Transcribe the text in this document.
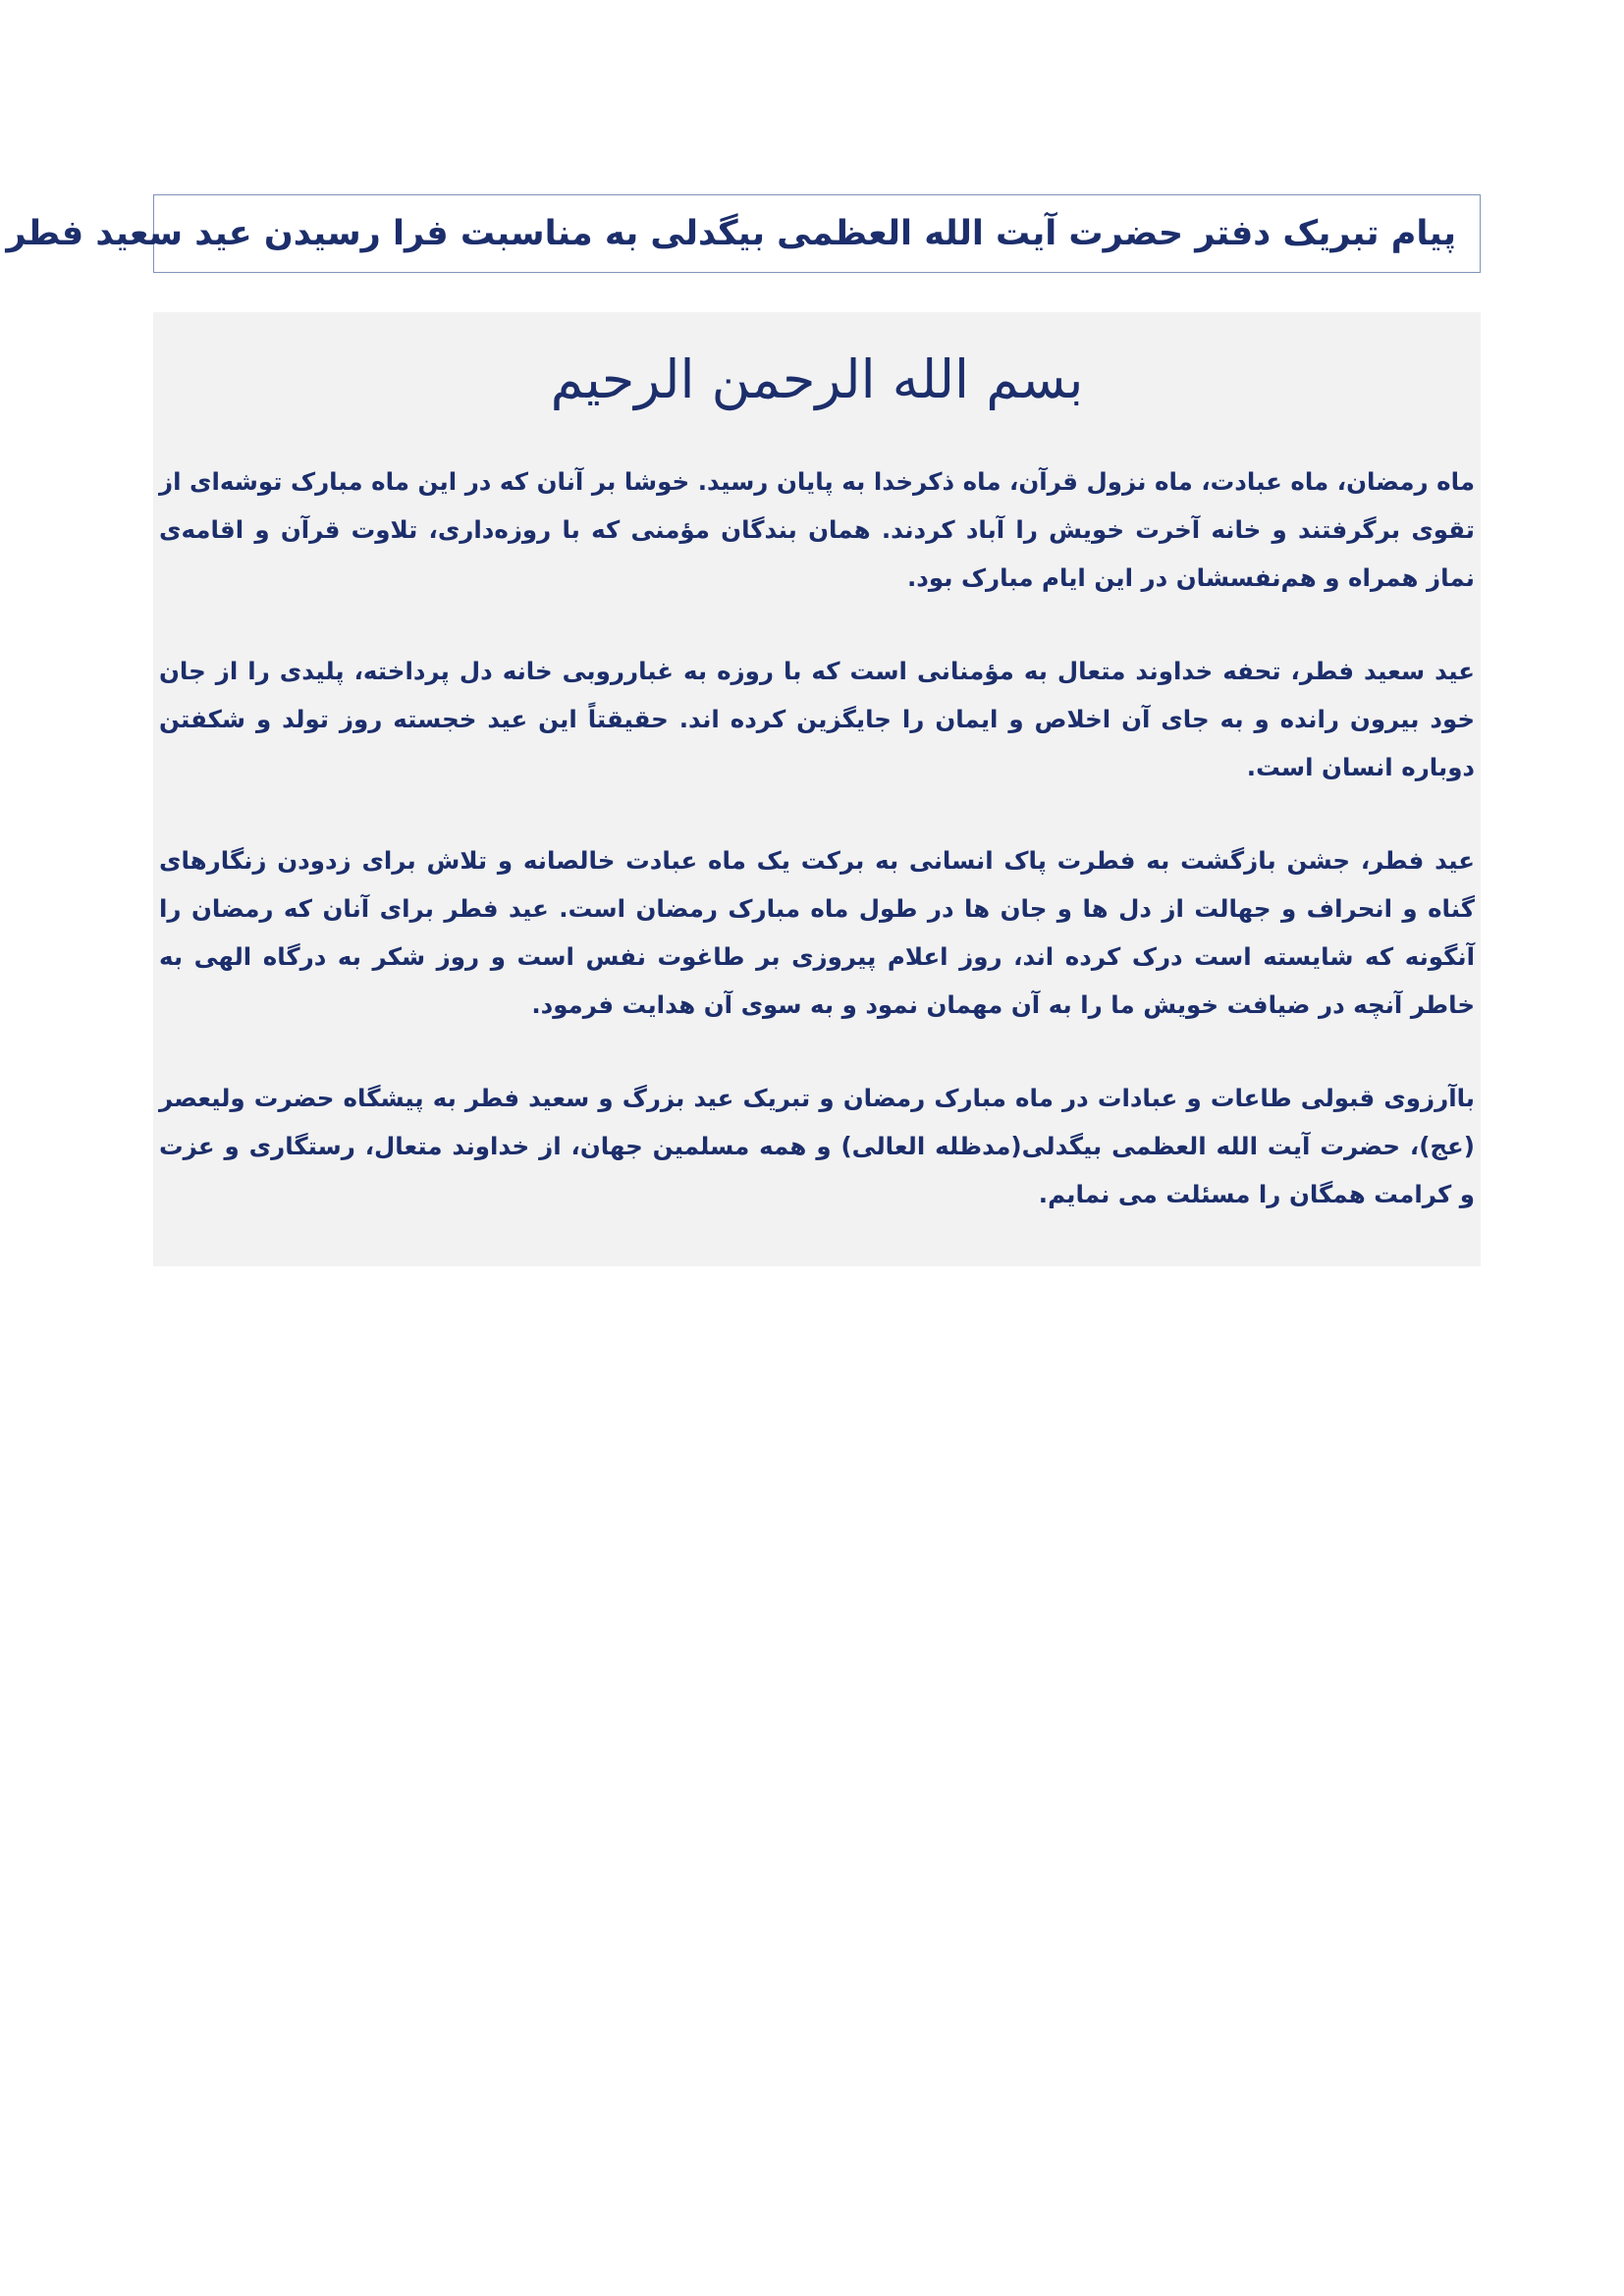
پیام تبریک دفتر حضرت آیت الله العظمی بیگدلی به مناسبت فرا رسیدن عید سعید فطر
بسم الله الرحمن الرحیم

ماه رمضان، ماه عبادت، ماه نزول قرآن، ماه ذکرخدا به پایان رسید. خوشا بر آنان که در این ماه مبارک توشه‌ای از تقوی برگرفتند و خانه آخرت خویش را آباد کردند. همان بندگان مؤمنی که با روزه‌داری، تلاوت قرآن و اقامه‌ی نماز همراه و هم‌نفسشان در این ایام مبارک بود.

عید سعید فطر، تحفه خداوند متعال به مؤمنانی است که با روزه به غبارروبی خانه دل پرداخته، پلیدی را از جان خود بیرون رانده و به جای آن اخلاص و ایمان را جایگزین کرده اند. حقیقتاً این عید خجسته روز تولد و شکفتن دوباره انسان است.

عید فطر، جشن بازگشت به فطرت پاک انسانی به برکت یک ماه عبادت خالصانه و تلاش برای زدودن زنگارهای گناه و انحراف و جهالت از دل ها و جان ها در طول ماه مبارک رمضان است. عید فطر برای آنان که رمضان را آنگونه که شایسته است درک کرده اند، روز اعلام پیروزی بر طاغوت نفس است و روز شکر به درگاه الهی به خاطر آنچه در ضیافت خویش ما را به آن مهمان نمود و به سوی آن هدایت فرمود.

باآرزوی قبولی طاعات و عبادات در ماه مبارک رمضان و تبریک عید بزرگ و سعید فطر به پیشگاه حضرت ولیعصر (عج)، حضرت آیت الله العظمی بیگدلی(مدظله العالی) و همه مسلمین جهان، از خداوند متعال، رستگاری و عزت و کرامت همگان را مسئلت می نمایم.
